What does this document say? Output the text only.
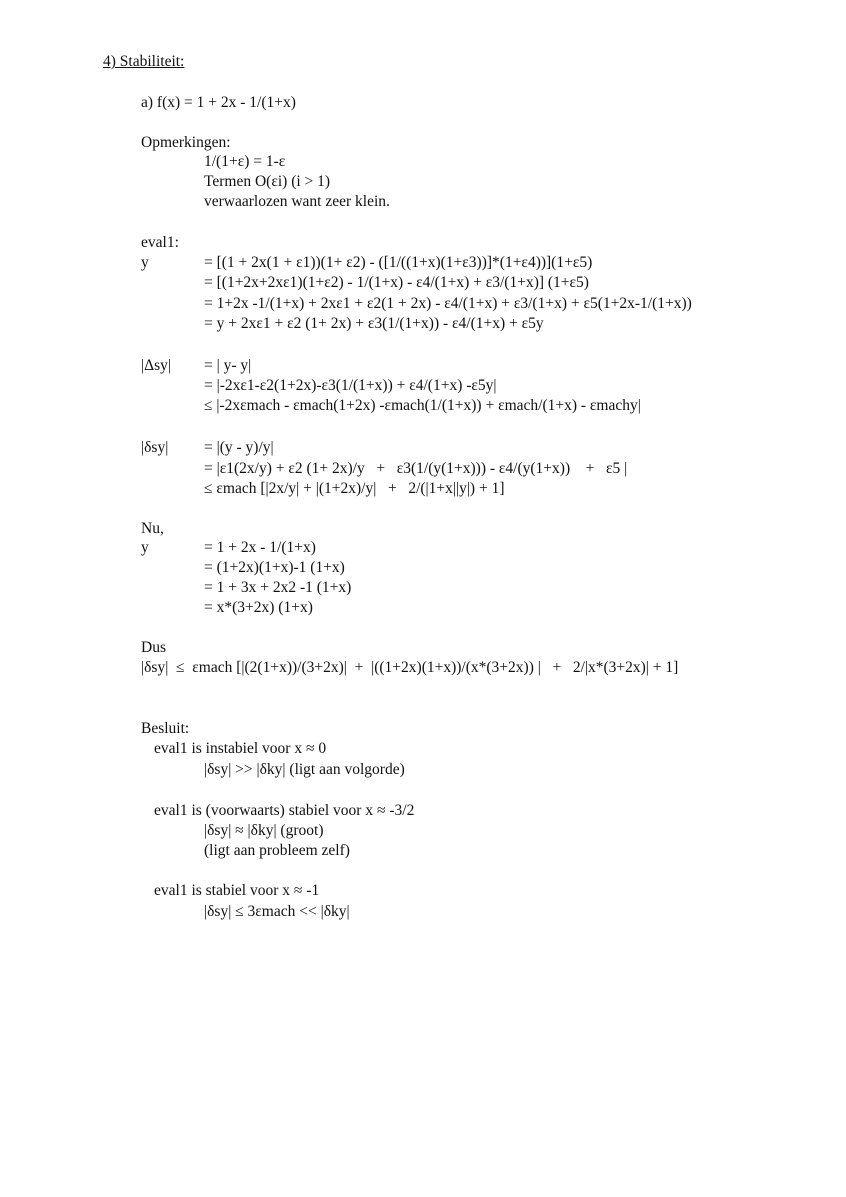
4) Stabiliteit:
a) f(x) = 1 + 2x - 1/(1+x)
Opmerkingen:
1/(1+ε) = 1-ε
Termen O(εi) (i > 1)
verwaarlozen want zeer klein.
eval1:
y	= [(1 + 2x(1 + ε1))(1+ ε2) - ([1/((1+x)(1+ε3))]*(1+ε4))](1+ε5)
= [(1+2x+2xε1)(1+ε2) - 1/(1+x) - ε4/(1+x) + ε3/(1+x)] (1+ε5)
= 1+2x -1/(1+x) + 2xε1 + ε2(1 + 2x) - ε4/(1+x) + ε3/(1+x) + ε5(1+2x-1/(1+x))
= y + 2xε1 + ε2 (1+ 2x) + ε3(1/(1+x)) - ε4/(1+x) + ε5y
|Δsy| = | y- y|
= |-2xε1-ε2(1+2x)-ε3(1/(1+x)) + ε4/(1+x) -ε5y|
≤ |-2xεmach - εmach(1+2x) -εmach(1/(1+x)) + εmach/(1+x) - εmachy|
|δsy| = |(y - y)/y|
= |ε1(2x/y) + ε2 (1+ 2x)/y   +   ε3(1/(y(1+x))) - ε4/(y(1+x))    +   ε5 |
≤ εmach [|2x/y| + |(1+2x)/y|   +   2/(|1+x||y|) + 1]
Nu,
y	= 1 + 2x - 1/(1+x)
= (1+2x)(1+x)-1 (1+x)
= 1 + 3x + 2x2 -1 (1+x)
= x*(3+2x) (1+x)
Dus
|δsy|  ≤  εmach [|(2(1+x))/(3+2x)|  +  |((1+2x)(1+x))/(x*(3+2x)) |   +   2/|x*(3+2x)| + 1]
Besluit:
eval1 is instabiel voor x ≈ 0
|δsy| >> |δky| (ligt aan volgorde)
eval1 is (voorwaarts) stabiel voor x ≈ -3/2
|δsy| ≈ |δky| (groot)
(ligt aan probleem zelf)
eval1 is stabiel voor x ≈ -1
|δsy| ≤ 3εmach << |δky|
